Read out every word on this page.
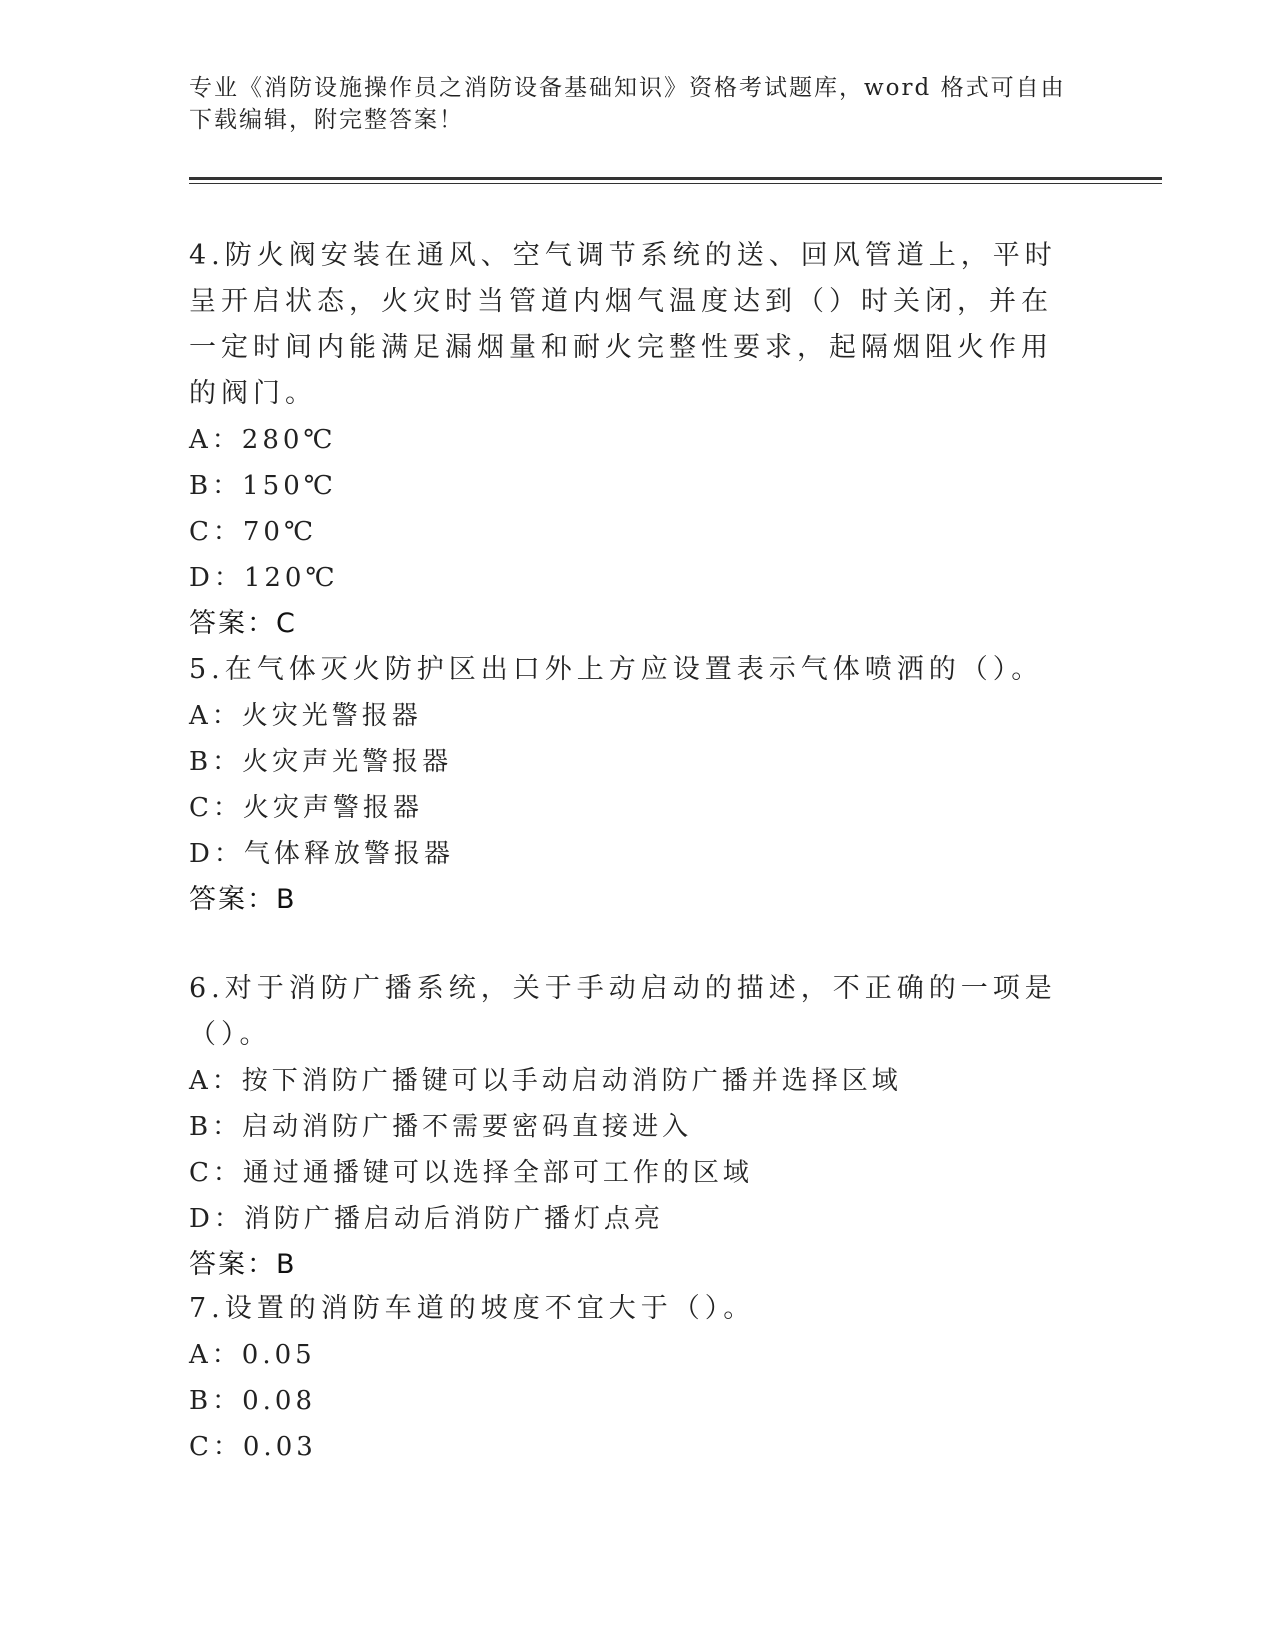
专业《消防设施操作员之消防设备基础知识》资格考试题库，word 格式可自由下载编辑，附完整答案！

4.防火阀安装在通风、空气调节系统的送、回风管道上，平时呈开启状态，火灾时当管道内烟气温度达到（）时关闭，并在一定时间内能满足漏烟量和耐火完整性要求，起隔烟阻火作用的阀门。

A：280℃

B：150℃

C：70℃

D：120℃

答案：C

5.在气体灭火防护区出口外上方应设置表示气体喷洒的（）。

A：火灾光警报器

B：火灾声光警报器

C：火灾声警报器

D：气体释放警报器

答案：B

6.对于消防广播系统，关于手动启动的描述，不正确的一项是（）。

A：按下消防广播键可以手动启动消防广播并选择区域

B：启动消防广播不需要密码直接进入

C：通过通播键可以选择全部可工作的区域

D：消防广播启动后消防广播灯点亮

答案：B

7.设置的消防车道的坡度不宜大于（）。

A：0.05

B：0.08

C：0.03
